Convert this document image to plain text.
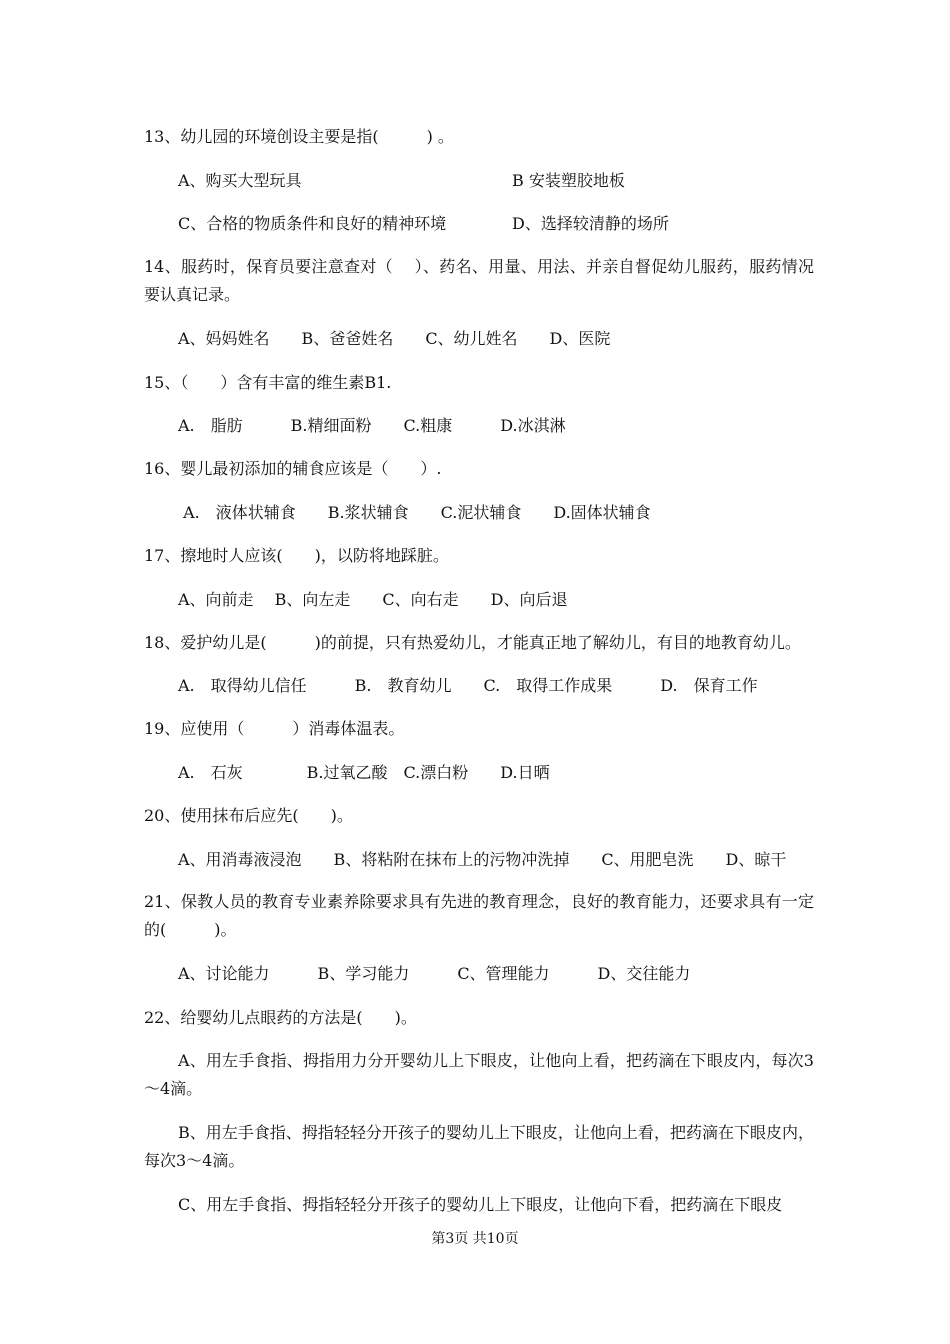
13、幼儿园的环境创设主要是指(　　　) 。
A、购买大型玩具	B 安装塑胶地板
C、合格的物质条件和良好的精神环境	D、选择较清静的场所
14、服药时，保育员要注意查对（　 ）、药名、用量、用法、并亲自督促幼儿服药，服药情况要认真记录。
A、妈妈姓名　　B、爸爸姓名　　C、幼儿姓名　　D、医院
15、（　　）含有丰富的维生素B1.
A.　脂肪　　　B.精细面粉　　C.粗康　　　D.冰淇淋
16、婴儿最初添加的辅食应该是（　　）.
A.　液体状辅食　　B.浆状辅食　　C.泥状辅食　　D.固体状辅食
17、擦地时人应该(　　)，以防将地踩脏。
A、向前走　 B、向左走　　C、向右走　　D、向后退
18、爱护幼儿是(　　　)的前提，只有热爱幼儿，才能真正地了解幼儿，有目的地教育幼儿。
A.　取得幼儿信任　　　B.　教育幼儿　　C.　取得工作成果　　　D.　保育工作
19、应使用（　　　）消毒体温表。
A.　石灰　　　　B.过氧乙酸　C.漂白粉　　D.日晒
20、使用抹布后应先(　　)。
A、用消毒液浸泡　　B、将粘附在抹布上的污物冲洗掉　　C、用肥皂洗　　D、晾干
21、保教人员的教育专业素养除要求具有先进的教育理念，良好的教育能力，还要求具有一定的(　　　)。
A、讨论能力　　　B、学习能力　　　C、管理能力　　　D、交往能力
22、给婴幼儿点眼药的方法是(　　)。
A、用左手食指、拇指用力分开婴幼儿上下眼皮，让他向上看，把药滴在下眼皮内，每次3～4滴。
B、用左手食指、拇指轻轻分开孩子的婴幼儿上下眼皮，让他向上看，把药滴在下眼皮内，每次3～4滴。
C、用左手食指、拇指轻轻分开孩子的婴幼儿上下眼皮，让他向下看，把药滴在下眼皮
第3页 共10页
